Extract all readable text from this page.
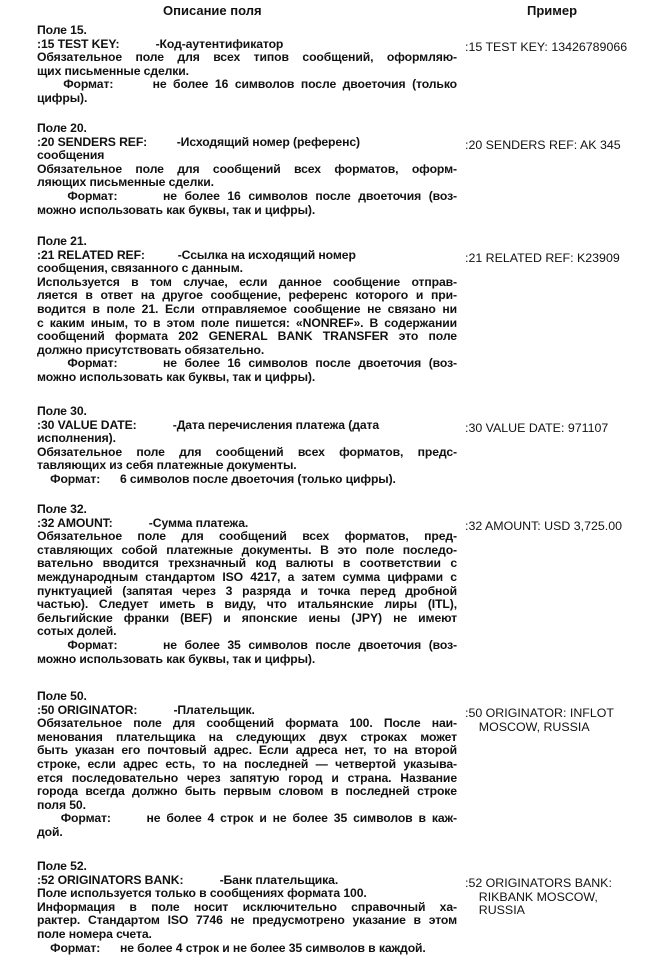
Описание поля	Пример
Поле 15.
:15 TEST KEY:           -Код-аутентификатор
Обязательное поле для всех типов сообщений, оформляю-
щих письменные сделки.
Формат:      не более 16 символов после двоеточия (только
цифры).
:15 TEST KEY: 13426789066
Поле 20.
:20 SENDERS REF:         -Исходящий номер (референс)
сообщения
Обязательное поле для сообщений всех форматов, оформ-
ляющих письменные сделки.
Формат:      не более 16 символов после двоеточия (воз-
можно использовать как буквы, так и цифры).
:20 SENDERS REF: AK 345
Поле 21.
:21 RELATED REF:          -Ссылка на исходящий номер
сообщения, связанного с данным.
Используется в том случае, если данное сообщение отправ-
ляется в ответ на другое сообщение, референс которого и при-
водится в поле 21. Если отправляемое сообщение не связано ни
с каким иным, то в этом поле пишется: «NONREF». В содержании
сообщений формата 202 GENERAL BANK TRANSFER это поле
должно присутствовать обязательно.
Формат:      не более 16 символов после двоеточия (воз-
можно использовать как буквы, так и цифры).
:21 RELATED REF: K23909
Поле 30.
:30 VALUE DATE:           -Дата перечисления платежа (дата
исполнения).
Обязательное поле для сообщений всех форматов, предс-
тавляющих из себя платежные документы.
Формат:      6 символов после двоеточия (только цифры).
:30 VALUE DATE: 971107
Поле 32.
:32 AMOUNT:           -Сумма платежа.
Обязательное поле для сообщений всех форматов, пред-
ставляющих собой платежные документы. В это поле последо-
вательно вводится трехзначный код валюты в соответствии с
международным стандартом ISO 4217, а затем сумма цифрами с
пунктуацией (запятая через 3 разряда и точка перед дробной
частью). Следует иметь в виду, что итальянские лиры (ITL),
бельгийские франки (BEF) и японские иены (JPY) не имеют
сотых долей.
Формат:      не более 35 символов после двоеточия (воз-
можно использовать как буквы, так и цифры).
:32 AMOUNT: USD 3,725.00
Поле 50.
:50 ORIGINATOR:           -Плательщик.
Обязательное поле для сообщений формата 100. После наи-
менования плательщика на следующих двух строках может
быть указан его почтовый адрес. Если адреса нет, то на второй
строке, если адрес есть, то на последней — четвертой указыва-
ется последовательно через запятую город и страна. Название
города всегда должно быть первым словом в последней строке
поля 50.
Формат:      не более 4 строк и не более 35 символов в каж-
дой.
:50 ORIGINATOR: INFLOT
MOSCOW, RUSSIA
Поле 52.
:52 ORIGINATORS BANK:           -Банк плательщика.
Поле используется только в сообщениях формата 100.
Информация в поле носит исключительно справочный ха-
рактер. Стандартом ISO 7746 не предусмотрено указание в этом
поле номера счета.
Формат:      не более 4 строк и не более 35 символов в каждой.
:52 ORIGINATORS BANK:
RIKBANK MOSCOW,
RUSSIA
